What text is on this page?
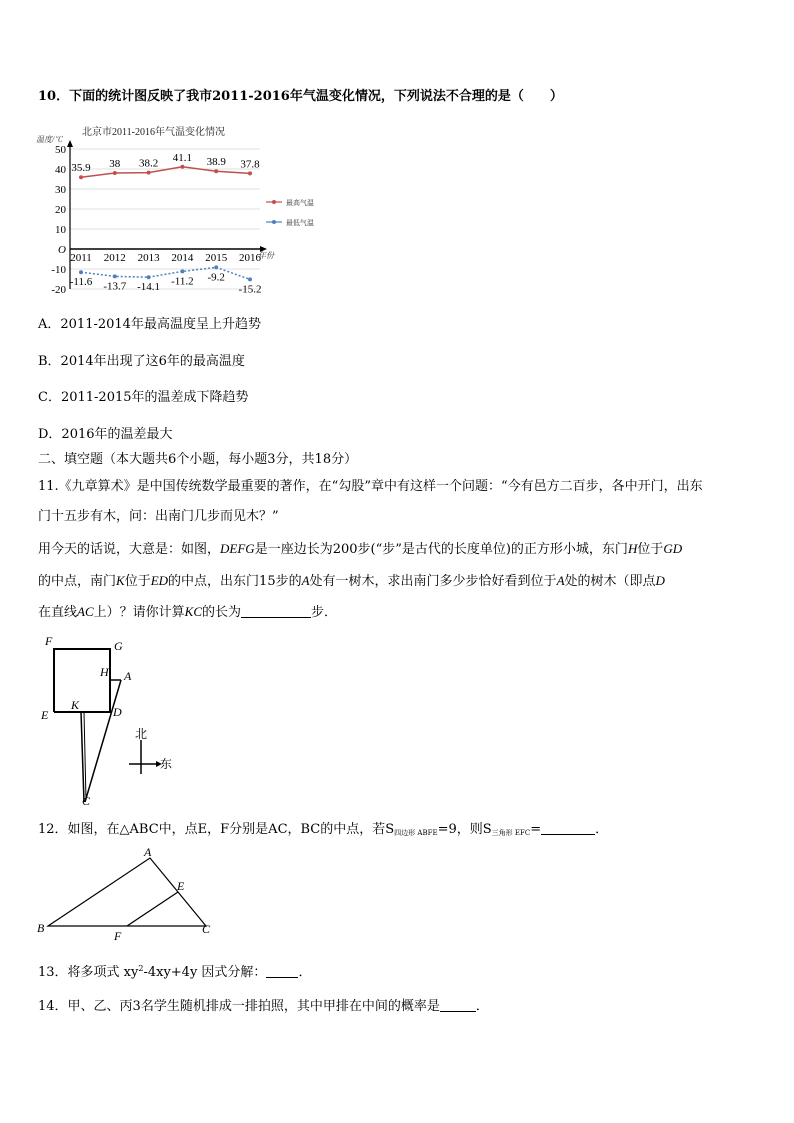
10．下面的统计图反映了我市2011-2016年气温变化情况，下列说法不合理的是（　　）
北京市2011-2016年气温变化情况
温度/℃
年份
50
40
30
20
10
O
-10
-20
2011 2012 2013 2014 2015 2016
35.9 38 38.2 41.1 38.9 37.8
-11.6 -13.7 -14.1 -11.2 -9.2
-15.2
最高气温
最低气温
A．2011-2014年最高温度呈上升趋势
B．2014年出现了这6年的最高温度
C．2011-2015年的温差成下降趋势
D．2016年的温差最大
二、填空题（本大题共6个小题，每小题3分，共18分）
11.《九章算术》是中国传统数学最重要的著作，在“勾股”章中有这样一个问题：“今有邑方二百步，各中开门，出东
门十五步有木，问：出南门几步而见木？”
用今天的话说，大意是：如图，DEFG是一座边长为200步(“步”是古代的长度单位)的正方形小城，东门H位于GD
的中点，南门K位于ED的中点，出东门15步的A处有一树木，求出南门多少步恰好看到位于A处的树木（即点D
在直线AC上）？请你计算KC的长为	步．
F	G
H A
E
K	D
C
北
东
12．如图，在△ABC中，点E，F分别是AC，BC的中点，若$S_{四边形 ABFE}=9$，则$S_{三角形 EFC}=$	．
A
B	C
E
F
13．将多项式 $xy^2-4xy+4y$ 因式分解： ．
14．甲、乙、丙3名学生随机排成一排拍照，其中甲排在中间的概率是	．
